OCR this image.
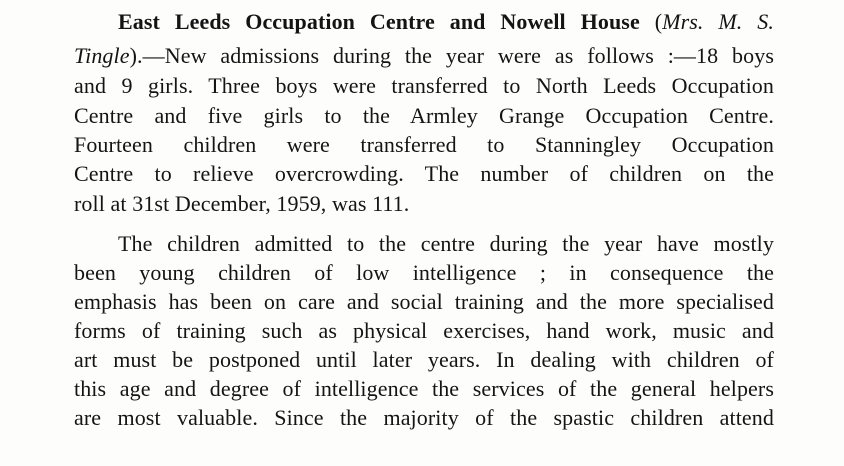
East Leeds Occupation Centre and Nowell House (Mrs. M. S.

Tingle).—New admissions during the year were as follows :—18 boys

and 9 girls. Three boys were transferred to North Leeds Occupation

Centre and five girls to the Armley Grange Occupation Centre.

Fourteen children were transferred to Stanningley Occupation

Centre to relieve overcrowding. The number of children on the

roll at 31st December, 1959, was 111.

The children admitted to the centre during the year have mostly

been young children of low intelligence ; in consequence the

emphasis has been on care and social training and the more specialised

forms of training such as physical exercises, hand work, music and

art must be postponed until later years. In dealing with children of

this age and degree of intelligence the services of the general helpers

are most valuable. Since the majority of the spastic children attend
